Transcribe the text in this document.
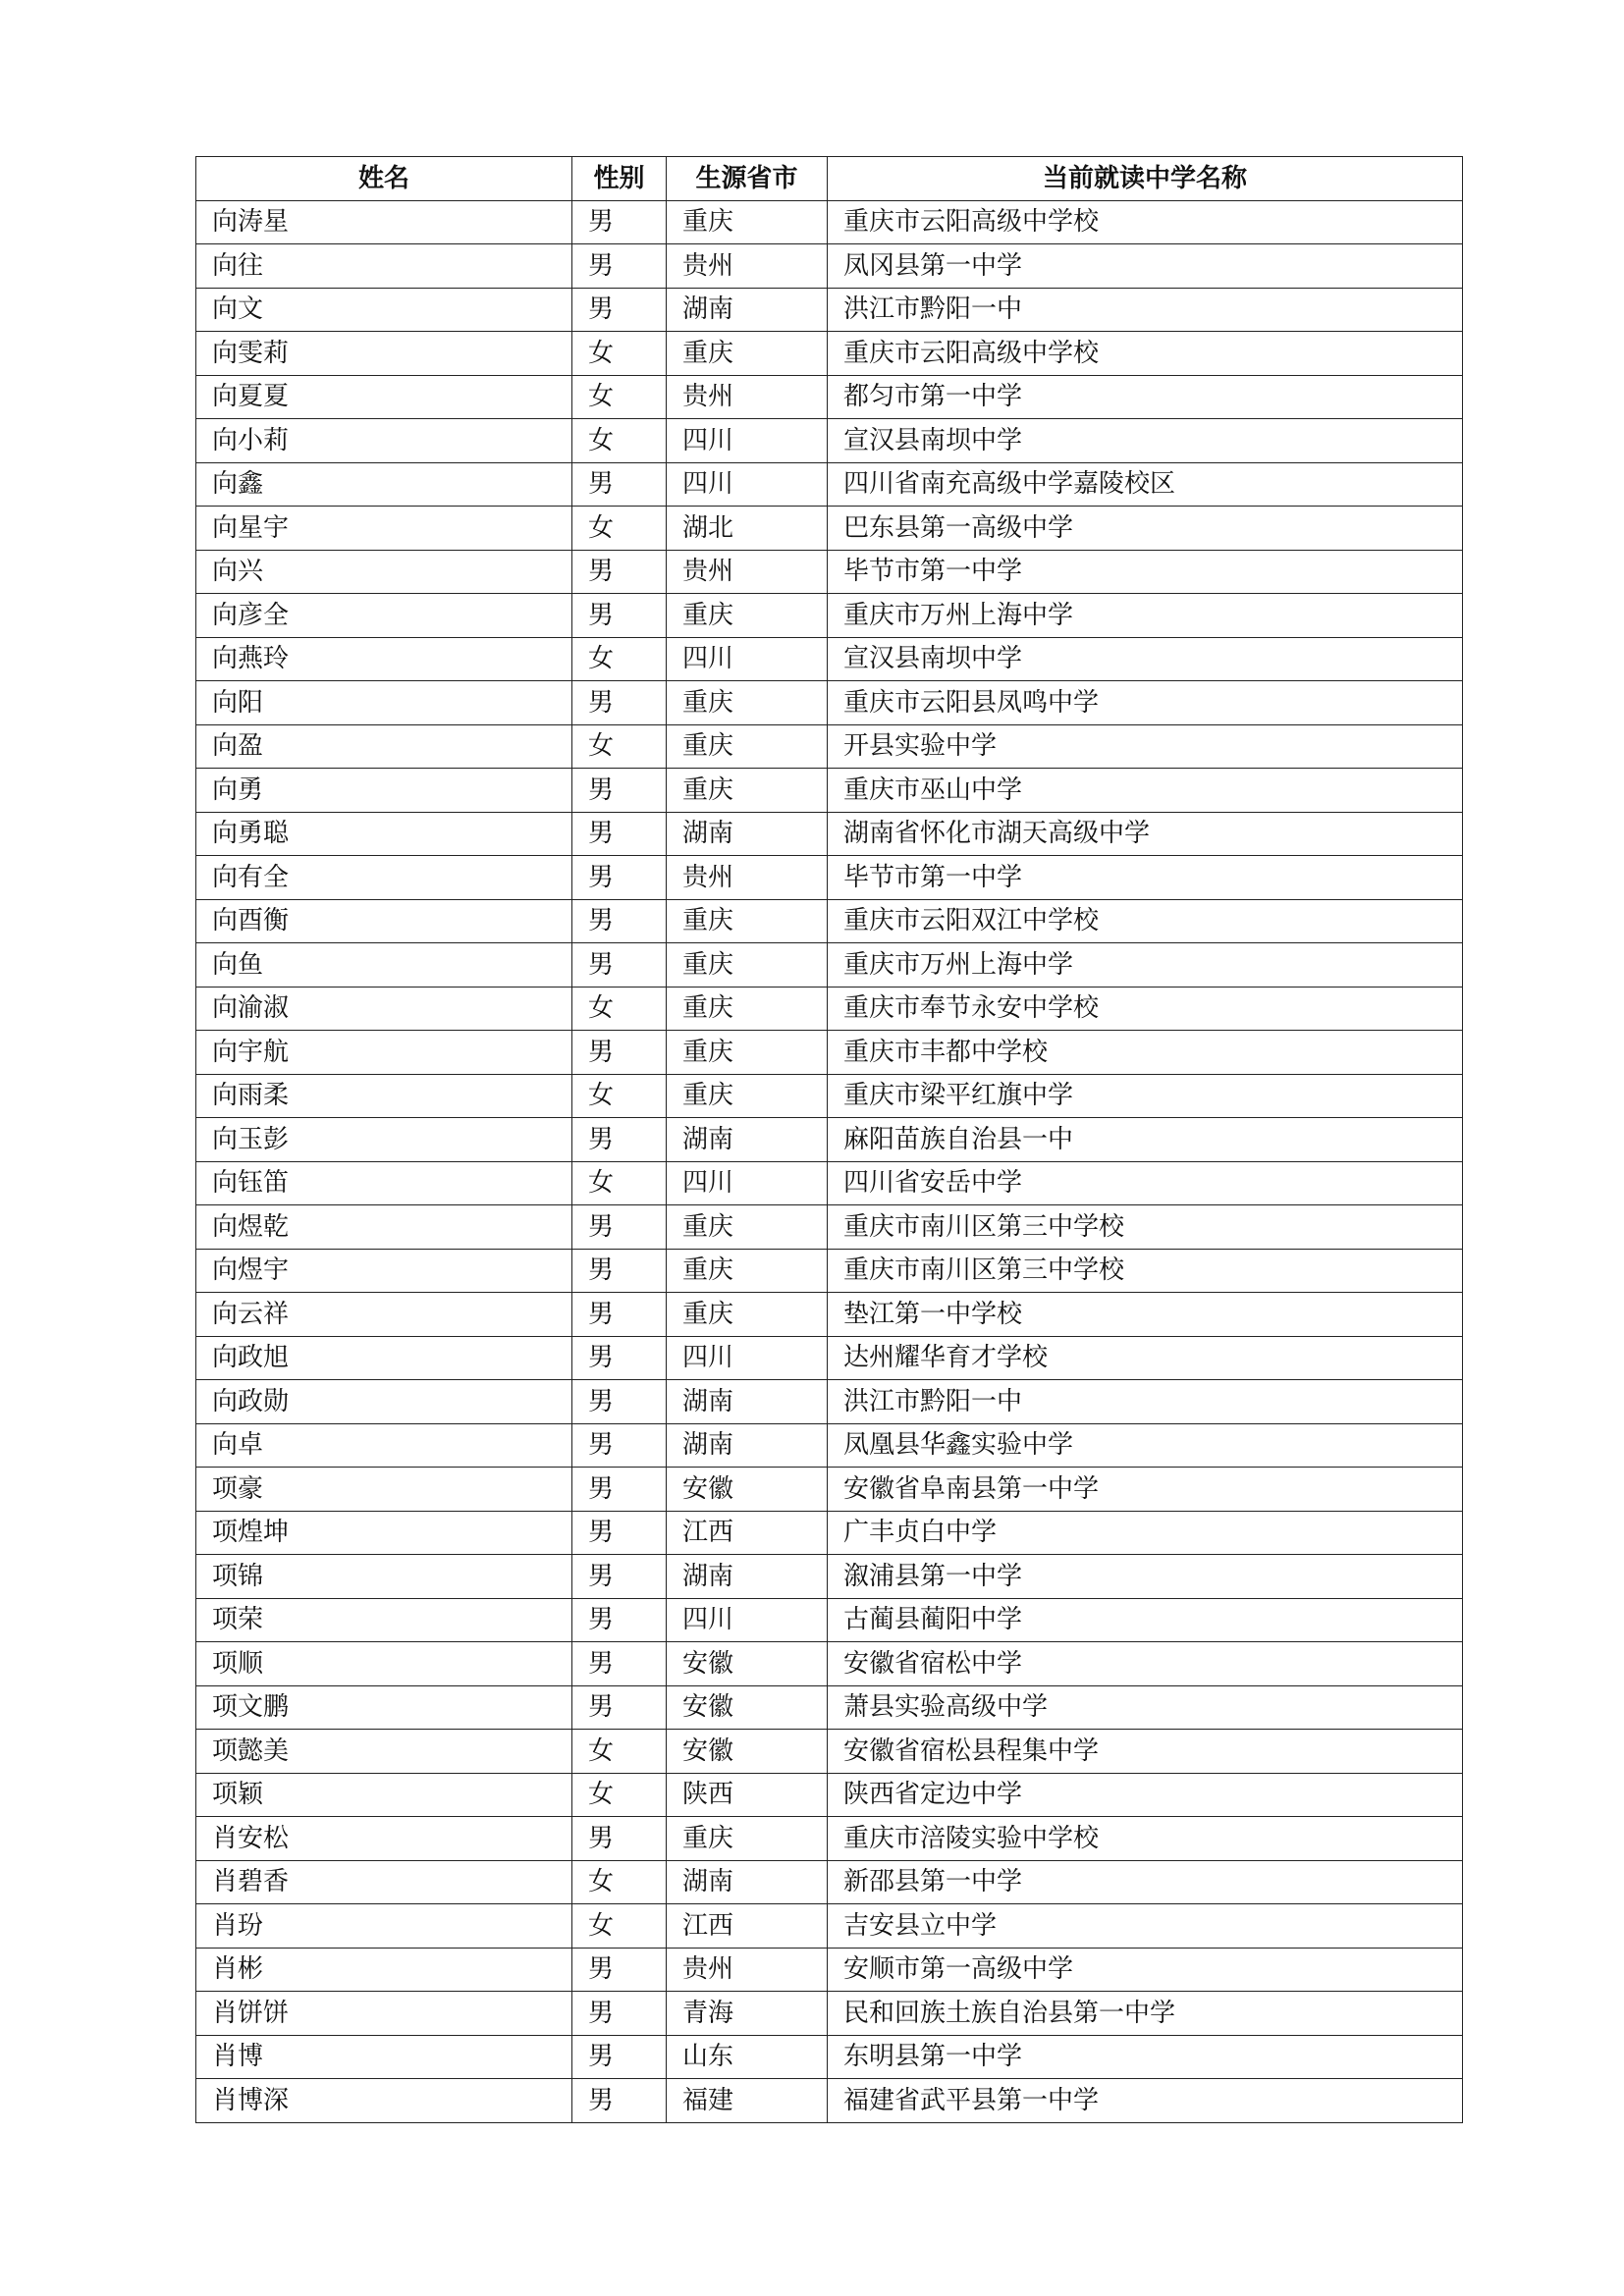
姓名	性别	生源省市	当前就读中学名称
向涛星	男	重庆	重庆市云阳高级中学校
向往	男	贵州	凤冈县第一中学
向文	男	湖南	洪江市黔阳一中
向雯莉	女	重庆	重庆市云阳高级中学校
向夏夏	女	贵州	都匀市第一中学
向小莉	女	四川	宣汉县南坝中学
向鑫	男	四川	四川省南充高级中学嘉陵校区
向星宇	女	湖北	巴东县第一高级中学
向兴	男	贵州	毕节市第一中学
向彦全	男	重庆	重庆市万州上海中学
向燕玲	女	四川	宣汉县南坝中学
向阳	男	重庆	重庆市云阳县凤鸣中学
向盈	女	重庆	开县实验中学
向勇	男	重庆	重庆市巫山中学
向勇聪	男	湖南	湖南省怀化市湖天高级中学
向有全	男	贵州	毕节市第一中学
向酉衡	男	重庆	重庆市云阳双江中学校
向鱼	男	重庆	重庆市万州上海中学
向渝淑	女	重庆	重庆市奉节永安中学校
向宇航	男	重庆	重庆市丰都中学校
向雨柔	女	重庆	重庆市梁平红旗中学
向玉彭	男	湖南	麻阳苗族自治县一中
向钰笛	女	四川	四川省安岳中学
向煜乾	男	重庆	重庆市南川区第三中学校
向煜宇	男	重庆	重庆市南川区第三中学校
向云祥	男	重庆	垫江第一中学校
向政旭	男	四川	达州耀华育才学校
向政勋	男	湖南	洪江市黔阳一中
向卓	男	湖南	凤凰县华鑫实验中学
项豪	男	安徽	安徽省阜南县第一中学
项煌坤	男	江西	广丰贞白中学
项锦	男	湖南	溆浦县第一中学
项荣	男	四川	古蔺县蔺阳中学
项顺	男	安徽	安徽省宿松中学
项文鹏	男	安徽	萧县实验高级中学
项懿美	女	安徽	安徽省宿松县程集中学
项颖	女	陕西	陕西省定边中学
肖安松	男	重庆	重庆市涪陵实验中学校
肖碧香	女	湖南	新邵县第一中学
肖玢	女	江西	吉安县立中学
肖彬	男	贵州	安顺市第一高级中学
肖饼饼	男	青海	民和回族土族自治县第一中学
肖博	男	山东	东明县第一中学
肖博深	男	福建	福建省武平县第一中学
